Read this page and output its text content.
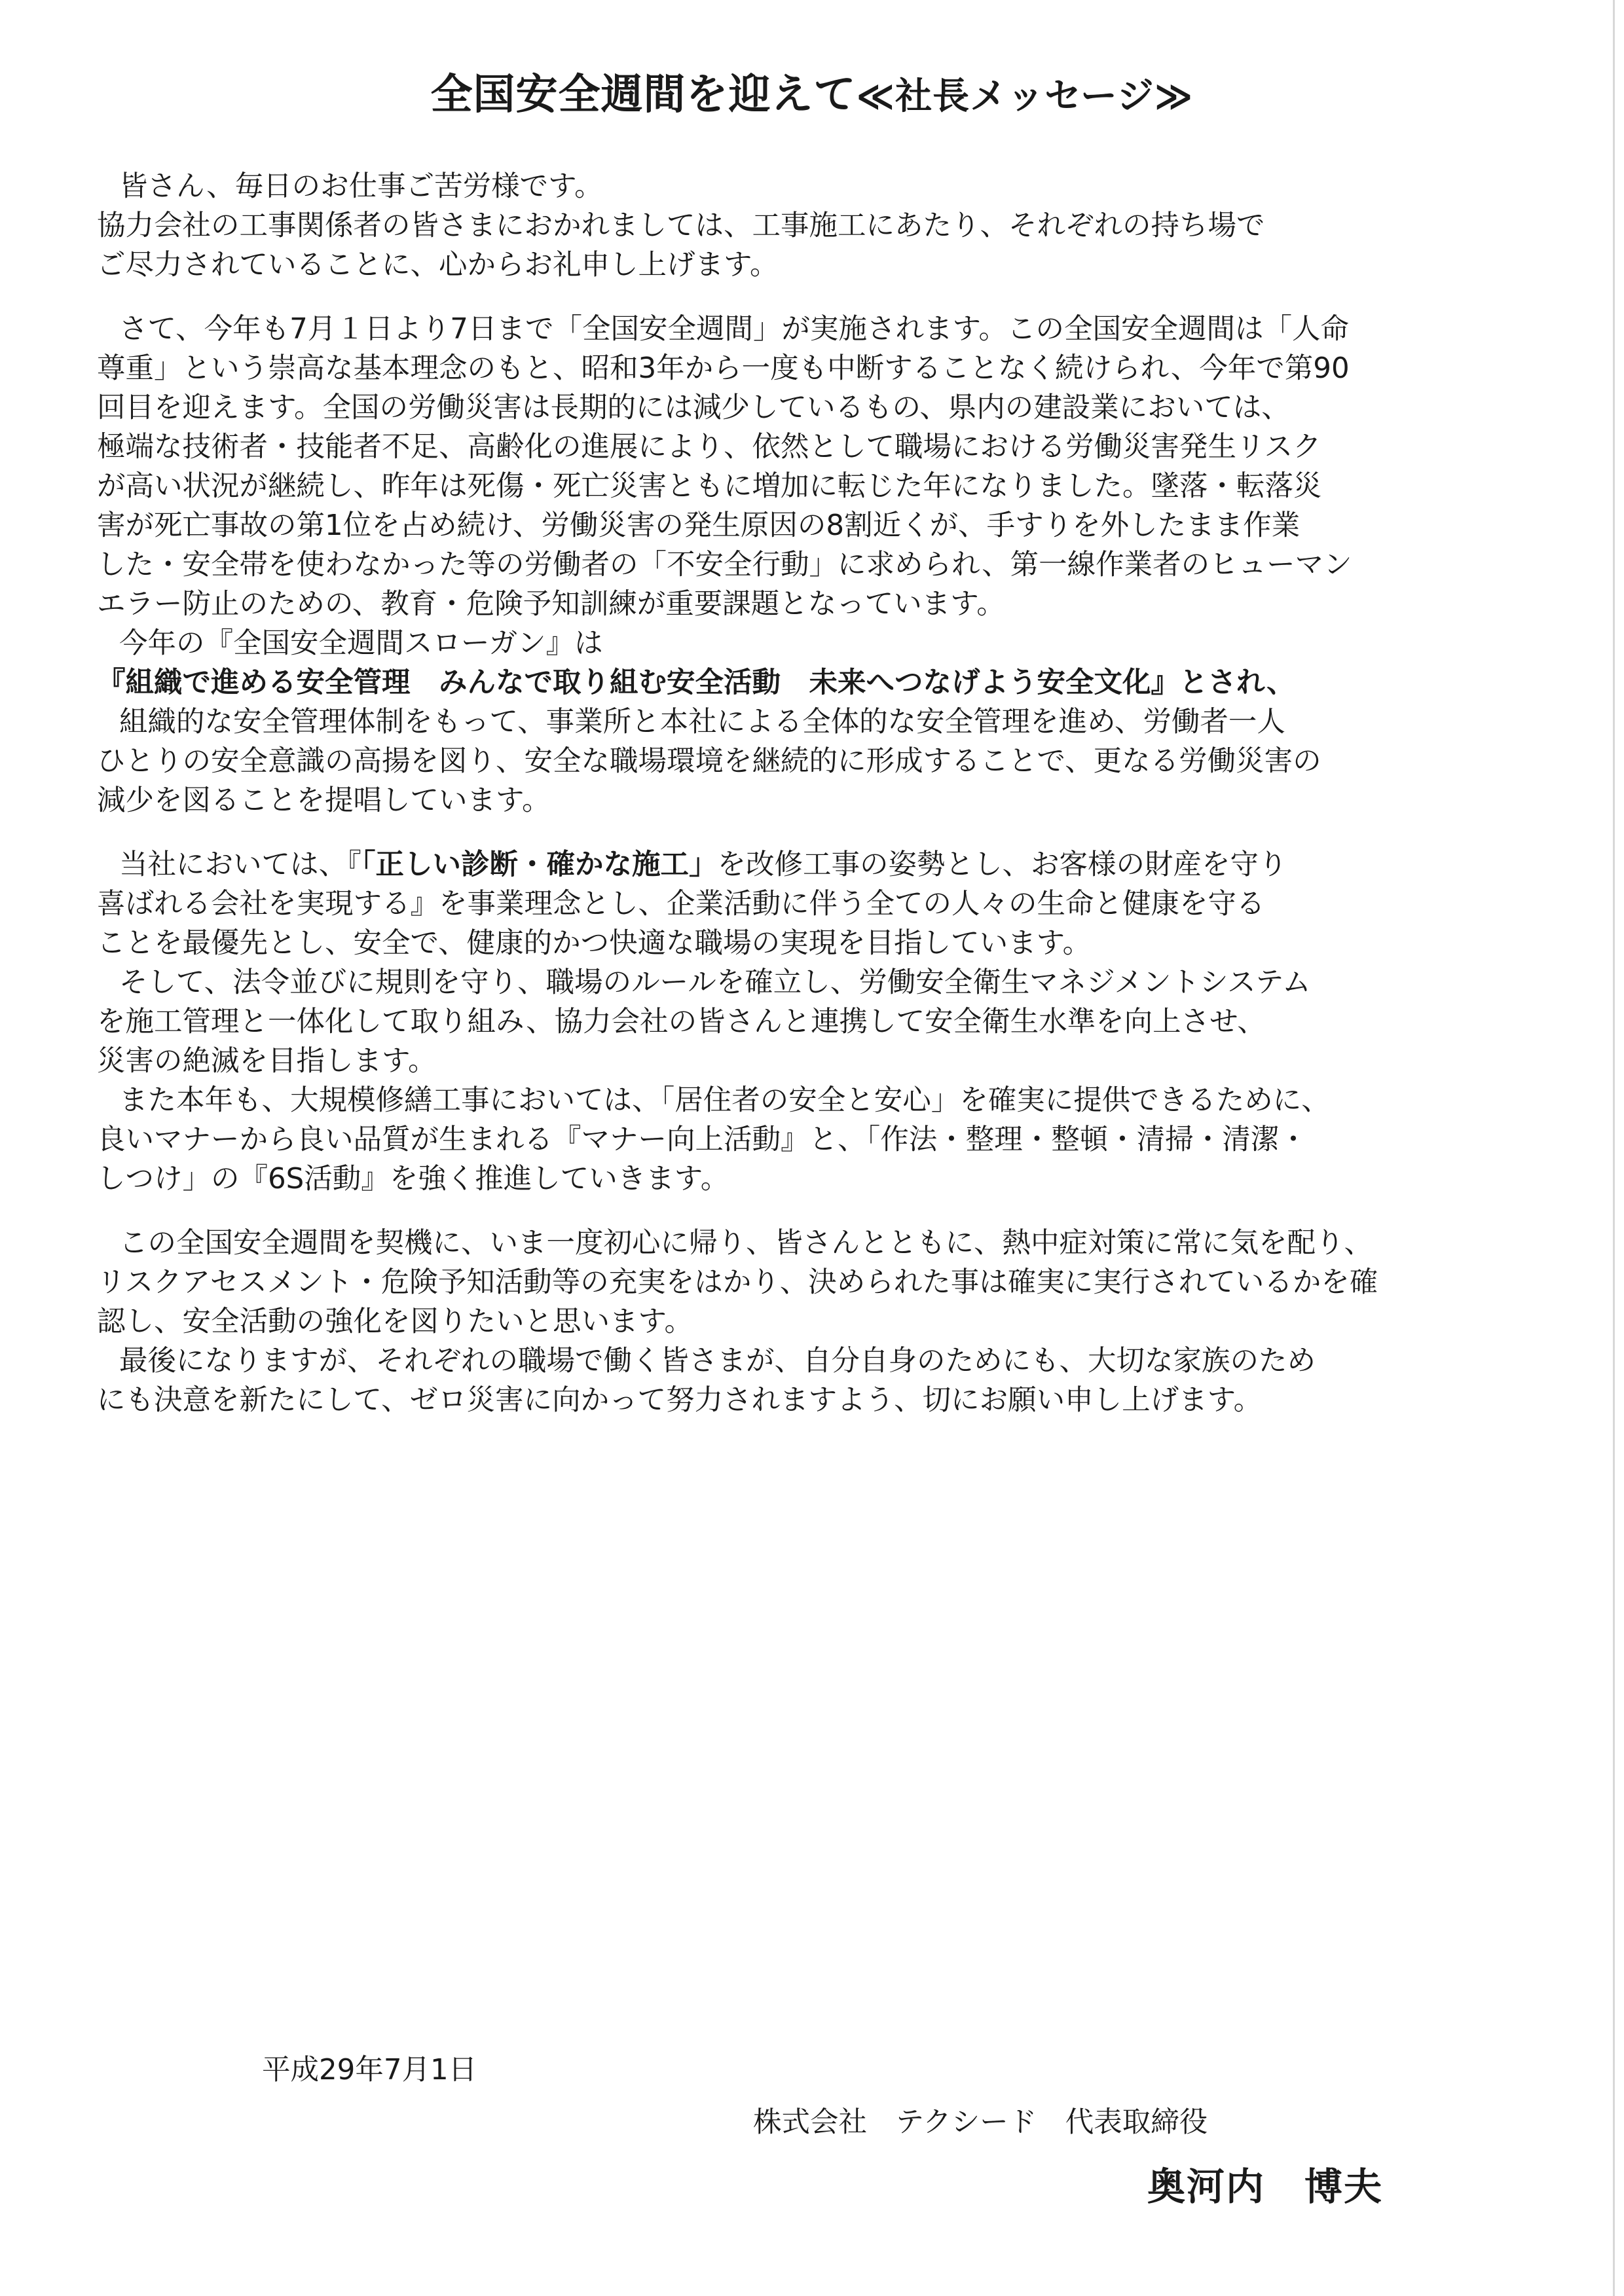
全国安全週間を迎えて≪社長メッセージ≫
皆さん、毎日のお仕事ご苦労様です。
協力会社の工事関係者の皆さまにおかれましては、工事施工にあたり、それぞれの持ち場で
ご尽力されていることに、心からお礼申し上げます。
さて、今年も7月１日より7日まで「全国安全週間」が実施されます。この全国安全週間は「人命
尊重」という崇高な基本理念のもと、昭和3年から一度も中断することなく続けられ、今年で第90
回目を迎えます。全国の労働災害は長期的には減少しているもの、県内の建設業においては、
極端な技術者・技能者不足、高齢化の進展により、依然として職場における労働災害発生リスク
が高い状況が継続し、昨年は死傷・死亡災害ともに増加に転じた年になりました。墜落・転落災
害が死亡事故の第1位を占め続け、労働災害の発生原因の8割近くが、手すりを外したまま作業
した・安全帯を使わなかった等の労働者の「不安全行動」に求められ、第一線作業者のヒューマン
エラー防止のための、教育・危険予知訓練が重要課題となっています。
今年の『全国安全週間スローガン』は
『組織で進める安全管理　みんなで取り組む安全活動　未来へつなげよう安全文化』とされ、
組織的な安全管理体制をもって、事業所と本社による全体的な安全管理を進め、労働者一人
ひとりの安全意識の高揚を図り、安全な職場環境を継続的に形成することで、更なる労働災害の
減少を図ることを提唱しています。
当社においては、『「正しい診断・確かな施工」を改修工事の姿勢とし、お客様の財産を守り
喜ばれる会社を実現する』を事業理念とし、企業活動に伴う全ての人々の生命と健康を守る
ことを最優先とし、安全で、健康的かつ快適な職場の実現を目指しています。
そして、法令並びに規則を守り、職場のルールを確立し、労働安全衛生マネジメントシステム
を施工管理と一体化して取り組み、協力会社の皆さんと連携して安全衛生水準を向上させ、
災害の絶滅を目指します。
また本年も、大規模修繕工事においては、「居住者の安全と安心」を確実に提供できるために、
良いマナーから良い品質が生まれる『マナー向上活動』と、「作法・整理・整頓・清掃・清潔・
しつけ」の『6S活動』を強く推進していきます。
この全国安全週間を契機に、いま一度初心に帰り、皆さんとともに、熱中症対策に常に気を配り、
リスクアセスメント・危険予知活動等の充実をはかり、決められた事は確実に実行されているかを確
認し、安全活動の強化を図りたいと思います。
最後になりますが、それぞれの職場で働く皆さまが、自分自身のためにも、大切な家族のため
にも決意を新たにして、ゼロ災害に向かって努力されますよう、切にお願い申し上げます。
平成29年7月1日
株式会社　テクシード　代表取締役
奥河内　博夫
